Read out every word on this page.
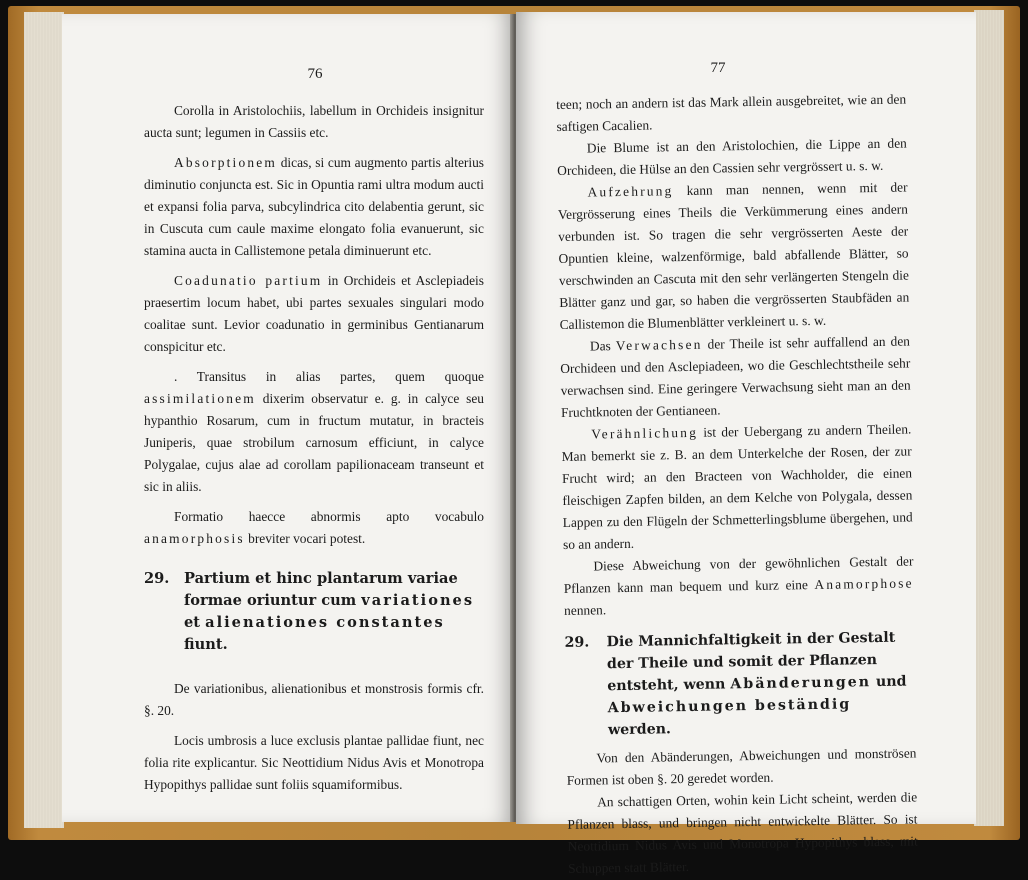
76

Corolla in Aristolochiis, labellum in Orchideis insignitur aucta sunt; legumen in Cassiis etc.

Absorptionem dicas, si cum augmento partis alterius diminutio conjuncta est. Sic in Opuntia rami ultra modum aucti et expansi folia parva, subcylindrica cito delabentia gerunt, sic in Cuscuta cum caule maxime elongato folia evanuerunt, sic stamina aucta in Callistemone petala diminuerunt etc.

Coadunatio partium in Orchideis et Asclepiadeis praesertim locum habet, ubi partes sexuales singulari modo coalitae sunt. Levior coadunatio in germinibus Gentianarum conspicitur etc.

. Transitus in alias partes, quem quoque assimilationem dixerim observatur e. g. in calyce seu hypanthio Rosarum, cum in fructum mutatur, in bracteis Juniperis, quae strobilum carnosum efficiunt, in calyce Polygalae, cujus alae ad corollam papilionaceam transeunt et sic in aliis.

Formatio haecce abnormis apto vocabulo anamorphosis breviter vocari potest.

29. Partium et hinc plantarum variae formae oriuntur cum variationes et alienationes constantes fiunt.

De variationibus, alienationibus et monstrosis formis cfr. §. 20.

Locis umbrosis a luce exclusis plantae pallidae fiunt, nec folia rite explicantur. Sic Neottidium Nidus Avis et Monotropa Hypopithys pallidae sunt foliis squamiformibus.

77

teen; noch an andern ist das Mark allein ausgebreitet, wie an den saftigen Cacalien.

Die Blume ist an den Aristolochien, die Lippe an den Orchideen, die Hülse an den Cassien sehr vergrössert u. s. w.

Aufzehrung kann man nennen, wenn mit der Vergrösserung eines Theils die Verkümmerung eines andern verbunden ist. So tragen die sehr vergrösserten Aeste der Opuntien kleine, walzenförmige, bald abfallende Blätter, so verschwinden an Cascuta mit den sehr verlängerten Stengeln die Blätter ganz und gar, so haben die vergrösserten Staubfäden an Callistemon die Blumenblätter verkleinert u. s. w.

Das Verwachsen der Theile ist sehr auffallend an den Orchideen und den Asclepiadeen, wo die Geschlechtstheile sehr verwachsen sind. Eine geringere Verwachsung sieht man an den Fruchtknoten der Gentianeen.

Verähnlichung ist der Uebergang zu andern Theilen. Man bemerkt sie z. B. an dem Unterkelche der Rosen, der zur Frucht wird; an den Bracteen von Wachholder, die einen fleischigen Zapfen bilden, an dem Kelche von Polygala, dessen Lappen zu den Flügeln der Schmetterlingsblume übergehen, und so an andern.

Diese Abweichung von der gewöhnlichen Gestalt der Pflanzen kann man bequem und kurz eine Anamorphose nennen.

29. Die Mannichfaltigkeit in der Gestalt der Theile und somit der Pflanzen entsteht, wenn Abänderungen und Abweichungen beständig werden.

Von den Abänderungen, Abweichungen und monströsen Formen ist oben §. 20 geredet worden.

An schattigen Orten, wohin kein Licht scheint, werden die Pflanzen blass, und bringen nicht entwickelte Blätter. So ist Neottidium Nidus Avis und Monotropa Hypopithys blass, mit Schuppen statt Blätter.
